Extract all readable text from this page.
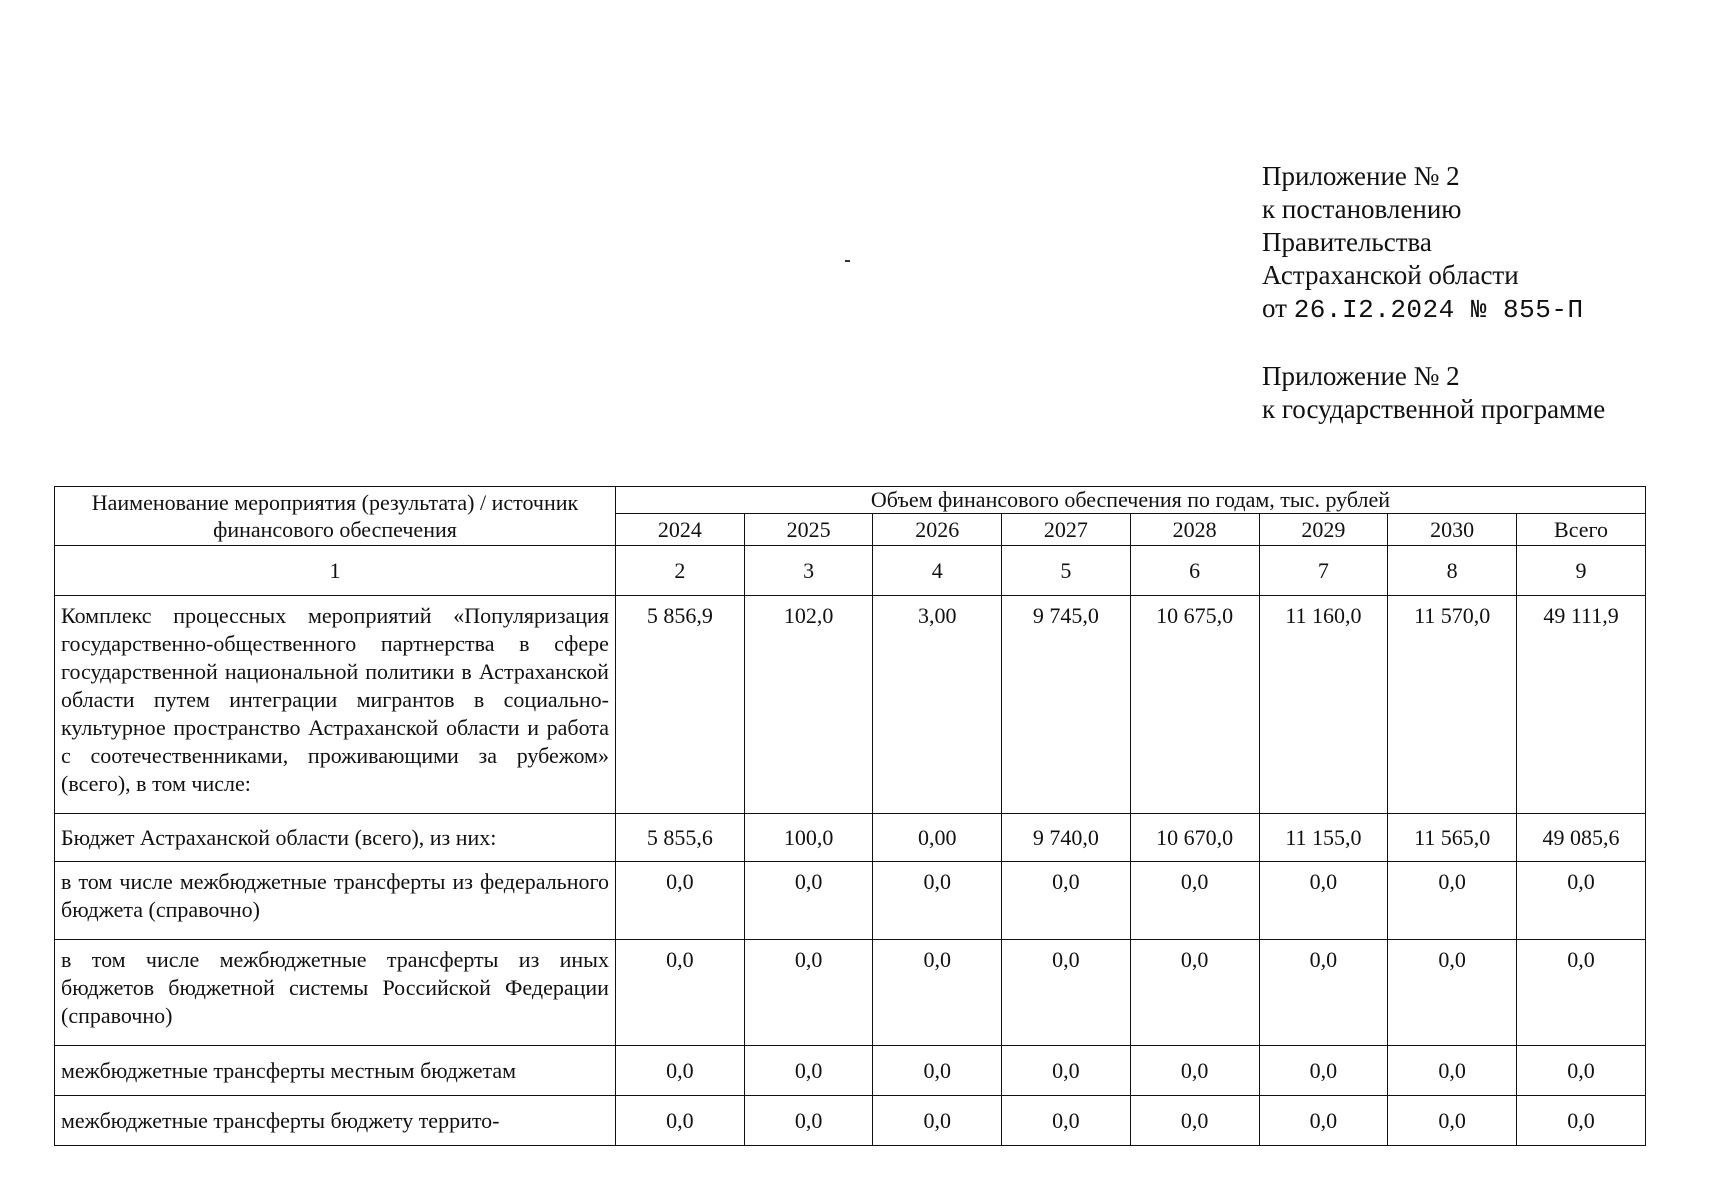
Приложение № 2
к постановлению
Правительства
Астраханской области
от 26.I2.2024 № 855-П
Приложение № 2
к государственной программе
Наименование мероприятия (результата) / источник финансового обеспечения	Объем финансового обеспечения по годам, тыс. рублей							
	2024	2025	2026	2027	2028	2029	2030	Всего
1	2	3	4	5	6	7	8	9
Комплекс процессных мероприятий «Популяризация государственно-общественного партнерства в сфере государственной национальной политики в Астраханской области путем интеграции мигрантов в социально-культурное пространство Астраханской области и работа с соотечественниками, проживающими за рубежом» (всего), в том числе:	5 856,9	102,0	3,00	9 745,0	10 675,0	11 160,0	11 570,0	49 111,9
Бюджет Астраханской области (всего), из них:	5 855,6	100,0	0,00	9 740,0	10 670,0	11 155,0	11 565,0	49 085,6
в том числе межбюджетные трансферты из федерального бюджета (справочно)	0,0	0,0	0,0	0,0	0,0	0,0	0,0	0,0
в том числе межбюджетные трансферты из иных бюджетов бюджетной системы Российской Федерации (справочно)	0,0	0,0	0,0	0,0	0,0	0,0	0,0	0,0
межбюджетные трансферты местным бюджетам	0,0	0,0	0,0	0,0	0,0	0,0	0,0	0,0
межбюджетные трансферты бюджету террито-	0,0	0,0	0,0	0,0	0,0	0,0	0,0	0,0
